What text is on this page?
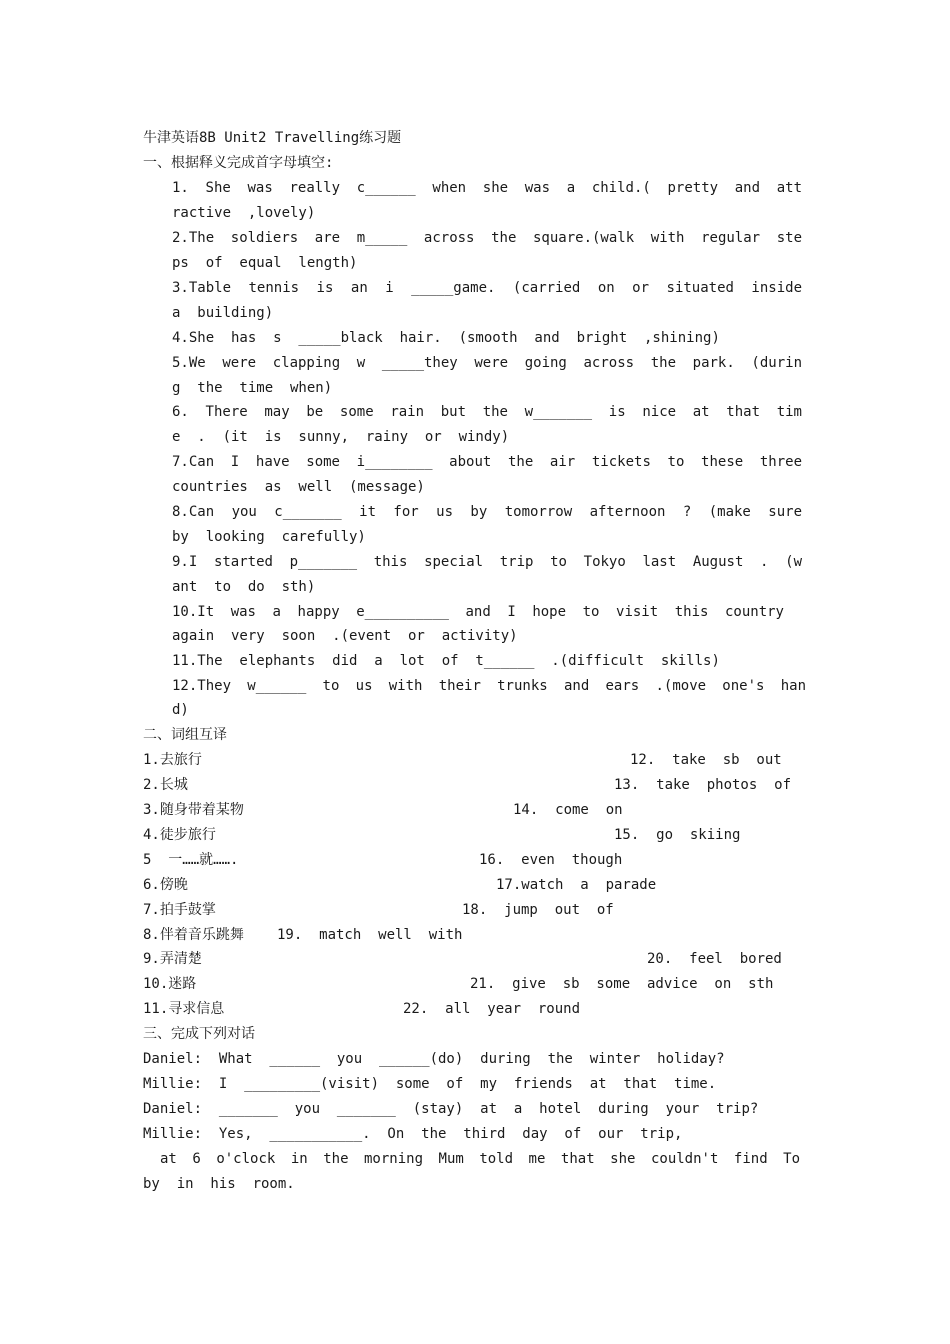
牛津英语8B Unit2 Travelling练习题
一、根据释义完成首字母填空:
1. She was really c______ when she was a child.( pretty and att
ractive  ,lovely)
2.The soldiers are m_____ across the square.(walk with regular ste
ps  of  equal  length)
3.Table tennis is an i _____game. (carried on or situated inside
a  building)
4.She  has  s  _____black  hair.  (smooth  and  bright  ,shining)
5.We were clapping w _____they were going across the park. (durin
g  the  time  when)
6. There may be some rain but the w_______ is nice at that tim
e  .  (it  is  sunny,  rainy  or  windy)
7.Can I have some i________ about the air tickets to these three
countries  as  well  (message)
8.Can you c_______ it for us by tomorrow afternoon ? (make sure
by  looking  carefully)
9.I started p_______ this special trip to Tokyo last August . (w
ant  to  do  sth)
10.It was a happy e__________ and I hope to visit this country
again  very  soon  .(event  or  activity)
11.The  elephants  did  a  lot  of  t______  .(difficult  skills)
12.They w______ to us with their trunks and ears .(move one's han
d)
二、词组互译
1.去旅行	12.  take  sb  out
2.长城	13.  take  photos  of
3.随身带着某物	14.  come  on
4.徒步旅行	15.  go  skiing
5  一……就…….	16.  even  though
6.傍晚	17.watch  a  parade
7.拍手鼓掌	18.  jump  out  of
8.伴着音乐跳舞 19.  match  well  with
9.弄清楚	20.  feel  bored
10.迷路	21.  give  sb  some  advice  on  sth
11.寻求信息	22.  all  year  round
三、完成下列对话
Daniel:  What  ______  you  ______(do)  during  the  winter  holiday?
Millie:  I  _________(visit)  some  of  my  friends  at  that  time.
Daniel:  _______  you  _______  (stay)  at  a  hotel  during  your  trip?
Millie:  Yes,  ___________.  On  the  third  day  of  our  trip,
at 6 o'clock in the morning Mum told me that she couldn't find To
by  in  his  room.
